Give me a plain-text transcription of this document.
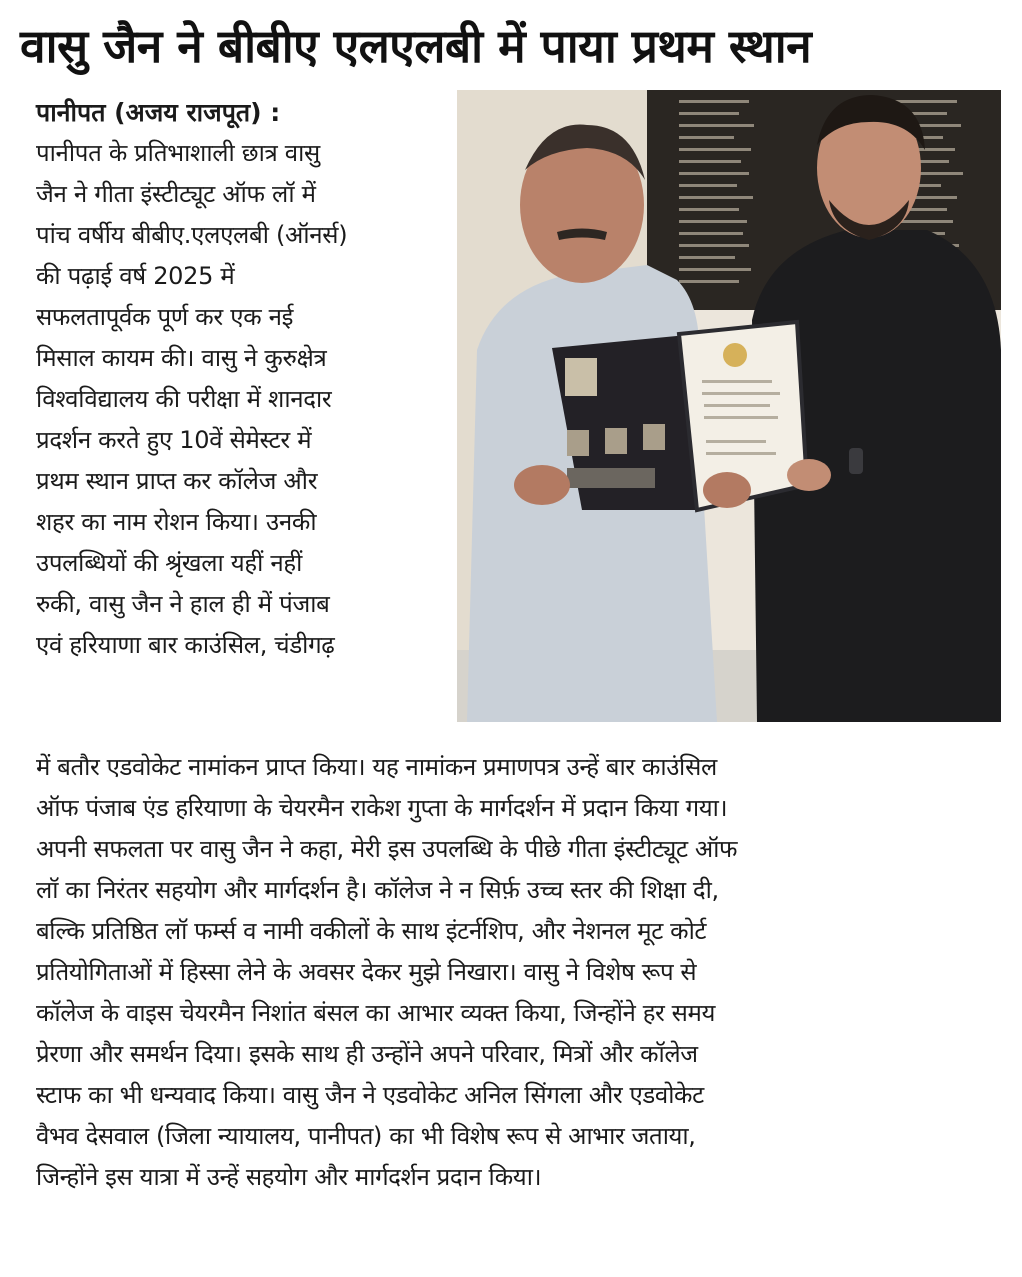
वासु जैन ने बीबीए एलएलबी में पाया प्रथम स्थान
पानीपत (अजय राजपूत) :
पानीपत के प्रतिभाशाली छात्र वासु
जैन ने गीता इंस्टीट्यूट ऑफ लॉ में
पांच वर्षीय बीबीए.एलएलबी (ऑनर्स)
की पढ़ाई वर्ष 2025 में
सफलतापूर्वक पूर्ण कर एक नई
मिसाल कायम की। वासु ने कुरुक्षेत्र
विश्वविद्यालय की परीक्षा में शानदार
प्रदर्शन करते हुए 10वें सेमेस्टर में
प्रथम स्थान प्राप्त कर कॉलेज और
शहर का नाम रोशन किया। उनकी
उपलब्धियों की श्रृंखला यहीं नहीं
रुकी, वासु जैन ने हाल ही में पंजाब
एवं हरियाणा बार काउंसिल, चंडीगढ़
में बतौर एडवोकेट नामांकन प्राप्त किया। यह नामांकन प्रमाणपत्र उन्हें बार काउंसिल
ऑफ पंजाब एंड हरियाणा के चेयरमैन राकेश गुप्ता के मार्गदर्शन में प्रदान किया गया।
अपनी सफलता पर वासु जैन ने कहा, मेरी इस उपलब्धि के पीछे गीता इंस्टीट्यूट ऑफ
लॉ का निरंतर सहयोग और मार्गदर्शन है। कॉलेज ने न सिर्फ़ उच्च स्तर की शिक्षा दी,
बल्कि प्रतिष्ठित लॉ फर्म्स व नामी वकीलों के साथ इंटर्नशिप, और नेशनल मूट कोर्ट
प्रतियोगिताओं में हिस्सा लेने के अवसर देकर मुझे निखारा। वासु ने विशेष रूप से
कॉलेज के वाइस चेयरमैन निशांत बंसल का आभार व्यक्त किया, जिन्होंने हर समय
प्रेरणा और समर्थन दिया। इसके साथ ही उन्होंने अपने परिवार, मित्रों और कॉलेज
स्टाफ का भी धन्यवाद किया। वासु जैन ने एडवोकेट अनिल सिंगला और एडवोकेट
वैभव देसवाल (जिला न्यायालय, पानीपत) का भी विशेष रूप से आभार जताया,
जिन्होंने इस यात्रा में उन्हें सहयोग और मार्गदर्शन प्रदान किया।
